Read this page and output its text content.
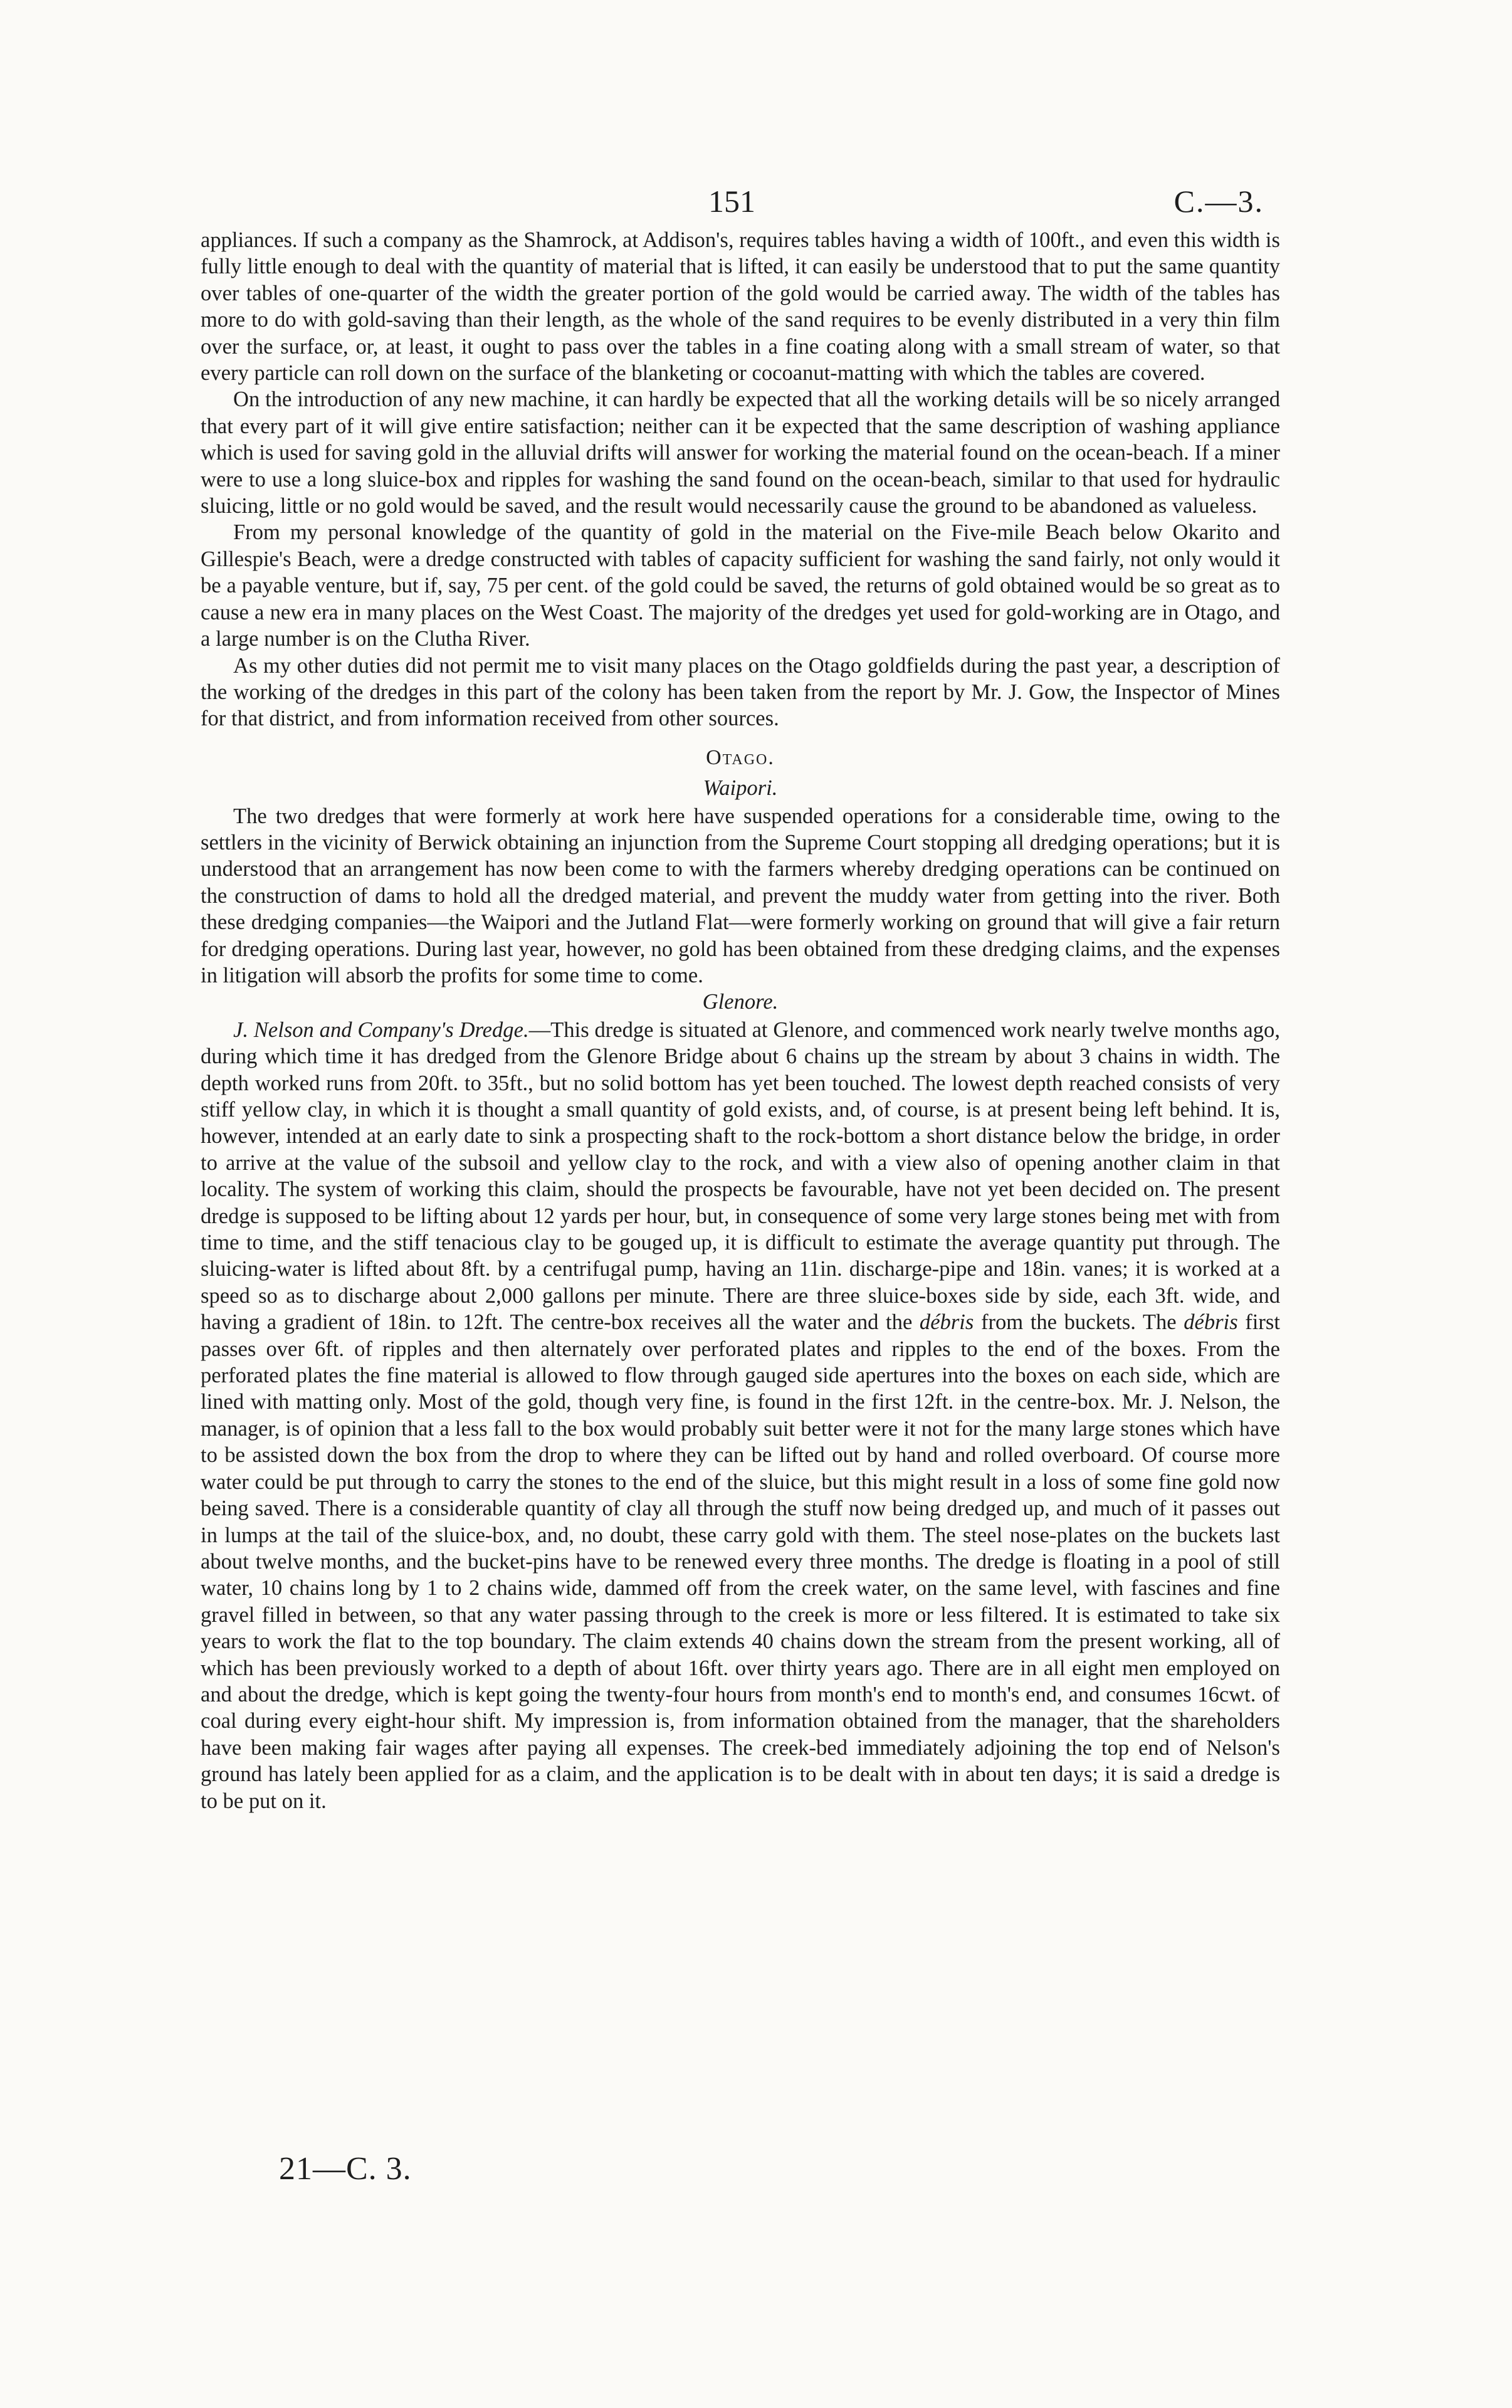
151	C.—3.

appliances. If such a company as the Shamrock, at Addison's, requires tables having a width of 100ft., and even this width is fully little enough to deal with the quantity of material that is lifted, it can easily be understood that to put the same quantity over tables of one-quarter of the width the greater portion of the gold would be carried away. The width of the tables has more to do with gold-saving than their length, as the whole of the sand requires to be evenly distributed in a very thin film over the surface, or, at least, it ought to pass over the tables in a fine coating along with a small stream of water, so that every particle can roll down on the surface of the blanketing or cocoanut-matting with which the tables are covered.

On the introduction of any new machine, it can hardly be expected that all the working details will be so nicely arranged that every part of it will give entire satisfaction; neither can it be expected that the same description of washing appliance which is used for saving gold in the alluvial drifts will answer for working the material found on the ocean-beach. If a miner were to use a long sluice-box and ripples for washing the sand found on the ocean-beach, similar to that used for hydraulic sluicing, little or no gold would be saved, and the result would necessarily cause the ground to be abandoned as valueless.

From my personal knowledge of the quantity of gold in the material on the Five-mile Beach below Okarito and Gillespie's Beach, were a dredge constructed with tables of capacity sufficient for washing the sand fairly, not only would it be a payable venture, but if, say, 75 per cent. of the gold could be saved, the returns of gold obtained would be so great as to cause a new era in many places on the West Coast. The majority of the dredges yet used for gold-working are in Otago, and a large number is on the Clutha River.

As my other duties did not permit me to visit many places on the Otago goldfields during the past year, a description of the working of the dredges in this part of the colony has been taken from the report by Mr. J. Gow, the Inspector of Mines for that district, and from information received from other sources.

Otago.
Waipori.

The two dredges that were formerly at work here have suspended operations for a considerable time, owing to the settlers in the vicinity of Berwick obtaining an injunction from the Supreme Court stopping all dredging operations; but it is understood that an arrangement has now been come to with the farmers whereby dredging operations can be continued on the construction of dams to hold all the dredged material, and prevent the muddy water from getting into the river. Both these dredging companies—the Waipori and the Jutland Flat—were formerly working on ground that will give a fair return for dredging operations. During last year, however, no gold has been obtained from these dredging claims, and the expenses in litigation will absorb the profits for some time to come.

Glenore.

J. Nelson and Company's Dredge.—This dredge is situated at Glenore, and commenced work nearly twelve months ago, during which time it has dredged from the Glenore Bridge about 6 chains up the stream by about 3 chains in width. The depth worked runs from 20ft. to 35ft., but no solid bottom has yet been touched. The lowest depth reached consists of very stiff yellow clay, in which it is thought a small quantity of gold exists, and, of course, is at present being left behind. It is, however, intended at an early date to sink a prospecting shaft to the rock-bottom a short distance below the bridge, in order to arrive at the value of the subsoil and yellow clay to the rock, and with a view also of opening another claim in that locality. The system of working this claim, should the prospects be favourable, have not yet been decided on. The present dredge is supposed to be lifting about 12 yards per hour, but, in consequence of some very large stones being met with from time to time, and the stiff tenacious clay to be gouged up, it is difficult to estimate the average quantity put through. The sluicing-water is lifted about 8ft. by a centrifugal pump, having an 11in. discharge-pipe and 18in. vanes; it is worked at a speed so as to discharge about 2,000 gallons per minute. There are three sluice-boxes side by side, each 3ft. wide, and having a gradient of 18in. to 12ft. The centre-box receives all the water and the débris from the buckets. The débris first passes over 6ft. of ripples and then alternately over perforated plates and ripples to the end of the boxes. From the perforated plates the fine material is allowed to flow through gauged side apertures into the boxes on each side, which are lined with matting only. Most of the gold, though very fine, is found in the first 12ft. in the centre-box. Mr. J. Nelson, the manager, is of opinion that a less fall to the box would probably suit better were it not for the many large stones which have to be assisted down the box from the drop to where they can be lifted out by hand and rolled overboard. Of course more water could be put through to carry the stones to the end of the sluice, but this might result in a loss of some fine gold now being saved. There is a considerable quantity of clay all through the stuff now being dredged up, and much of it passes out in lumps at the tail of the sluice-box, and, no doubt, these carry gold with them. The steel nose-plates on the buckets last about twelve months, and the bucket-pins have to be renewed every three months. The dredge is floating in a pool of still water, 10 chains long by 1 to 2 chains wide, dammed off from the creek water, on the same level, with fascines and fine gravel filled in between, so that any water passing through to the creek is more or less filtered. It is estimated to take six years to work the flat to the top boundary. The claim extends 40 chains down the stream from the present working, all of which has been previously worked to a depth of about 16ft. over thirty years ago. There are in all eight men employed on and about the dredge, which is kept going the twenty-four hours from month's end to month's end, and consumes 16cwt. of coal during every eight-hour shift. My impression is, from information obtained from the manager, that the shareholders have been making fair wages after paying all expenses. The creek-bed immediately adjoining the top end of Nelson's ground has lately been applied for as a claim, and the application is to be dealt with in about ten days; it is said a dredge is to be put on it.

21—C. 3.
